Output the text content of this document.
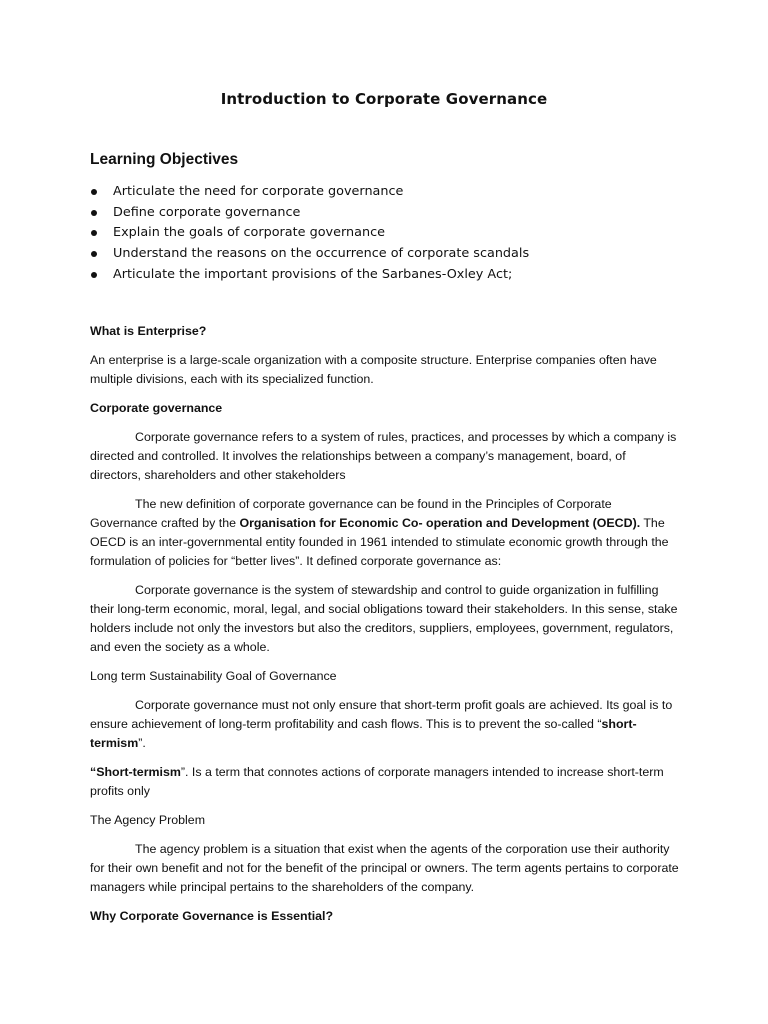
Introduction to Corporate Governance
Learning Objectives
Articulate the need for corporate governance
Define corporate governance
Explain the goals of corporate governance
Understand the reasons on the occurrence of corporate scandals
Articulate the important provisions of the Sarbanes-Oxley Act;

What is Enterprise?

An enterprise is a large-scale organization with a composite structure. Enterprise companies often have multiple divisions, each with its specialized function.

Corporate governance

Corporate governance refers to a system of rules, practices, and processes by which a company is directed and controlled. It involves the relationships between a company’s management, board, of directors, shareholders and other stakeholders

The new definition of corporate governance can be found in the Principles of Corporate Governance crafted by the Organisation for Economic Co- operation and Development (OECD). The OECD is an inter-governmental entity founded in 1961 intended to stimulate economic growth through the formulation of policies for “better lives”. It defined corporate governance as:

Corporate governance is the system of stewardship and control to guide organization in fulfilling their long-term economic, moral, legal, and social obligations toward their stakeholders. In this sense, stake holders include not only the investors but also the creditors, suppliers, employees, government, regulators, and even the society as a whole.

Long term Sustainability Goal of Governance

Corporate governance must not only ensure that short-term profit goals are achieved. Its goal is to ensure achievement of long-term profitability and cash flows. This is to prevent the so-called “short-termism”.

“Short-termism”. Is a term that connotes actions of corporate managers intended to increase short-term profits only

The Agency Problem

The agency problem is a situation that exist when the agents of the corporation use their authority for their own benefit and not for the benefit of the principal or owners. The term agents pertains to corporate managers while principal pertains to the shareholders of the company.

Why Corporate Governance is Essential?
